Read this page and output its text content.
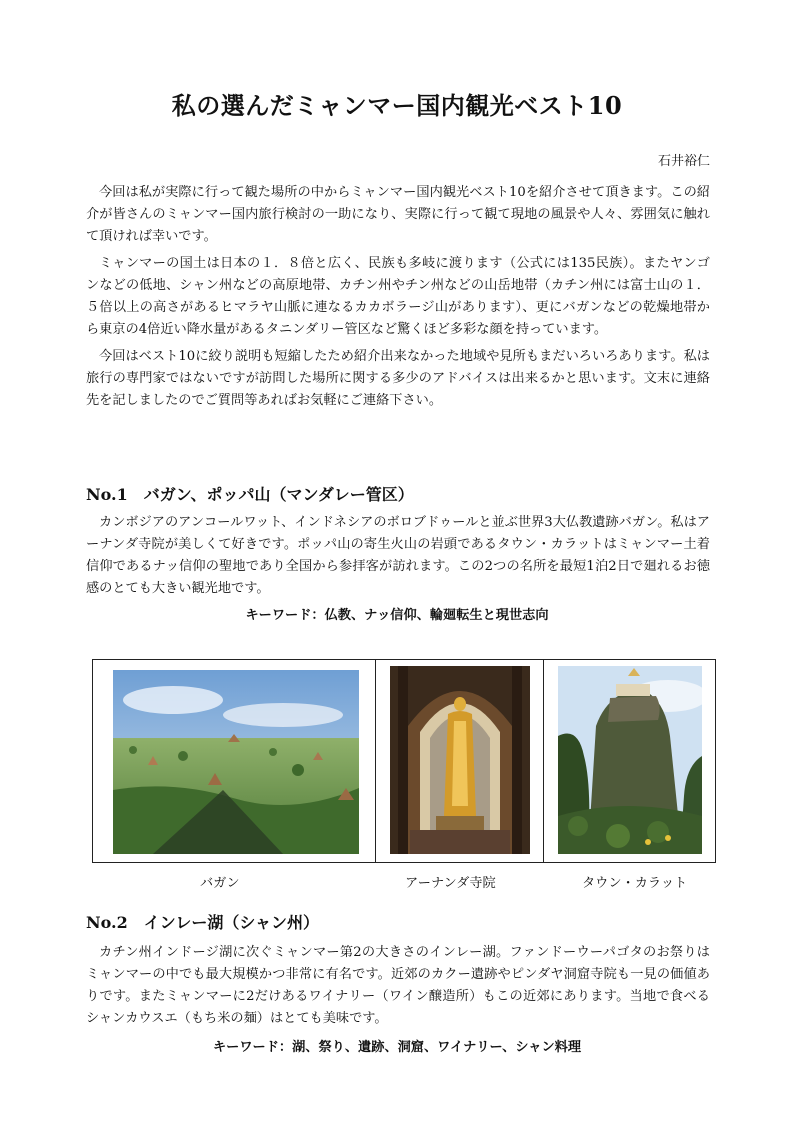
私の選んだミャンマー国内観光ベスト10
石井裕仁

今回は私が実際に行って観た場所の中からミャンマー国内観光ベスト10を紹介させて頂きます。この紹介が皆さんのミャンマー国内旅行検討の一助になり、実際に行って観て現地の風景や人々、雰囲気に触れて頂ければ幸いです。

ミャンマーの国土は日本の１．８倍と広く、民族も多岐に渡ります（公式には135民族）。またヤンゴンなどの低地、シャン州などの高原地帯、カチン州やチン州などの山岳地帯（カチン州には富士山の１．５倍以上の高さがあるヒマラヤ山脈に連なるカカボラージ山があります）、更にバガンなどの乾燥地帯から東京の4倍近い降水量があるタニンダリー管区など驚くほど多彩な顔を持っています。

今回はベスト10に絞り説明も短縮したため紹介出来なかった地域や見所もまだいろいろあります。私は旅行の専門家ではないですが訪問した場所に関する多少のアドバイスは出来るかと思います。文末に連絡先を記しましたのでご質問等あればお気軽にご連絡下さい。

No.1　バガン、ポッパ山（マンダレー管区）

カンボジアのアンコールワット、インドネシアのボロブドゥールと並ぶ世界3大仏教遺跡バガン。私はアーナンダ寺院が美しくて好きです。ポッパ山の寄生火山の岩頭であるタウン・カラットはミャンマー土着信仰であるナッ信仰の聖地であり全国から参拝客が訪れます。この2つの名所を最短1泊2日で廻れるお徳感のとても大きい観光地です。

キーワード：仏教、ナッ信仰、輪廻転生と現世志向
バガン	アーナンダ寺院	タウン・カラット
No.2　インレー湖（シャン州）

カチン州インドージ湖に次ぐミャンマー第2の大きさのインレー湖。ファンドーウーパゴタのお祭りはミャンマーの中でも最大規模かつ非常に有名です。近郊のカクー遺跡やピンダヤ洞窟寺院も一見の価値ありです。またミャンマーに2だけあるワイナリー（ワイン醸造所）もこの近郊にあります。当地で食べるシャンカウスエ（もち米の麺）はとても美味です。

キーワード：湖、祭り、遺跡、洞窟、ワイナリー、シャン料理
